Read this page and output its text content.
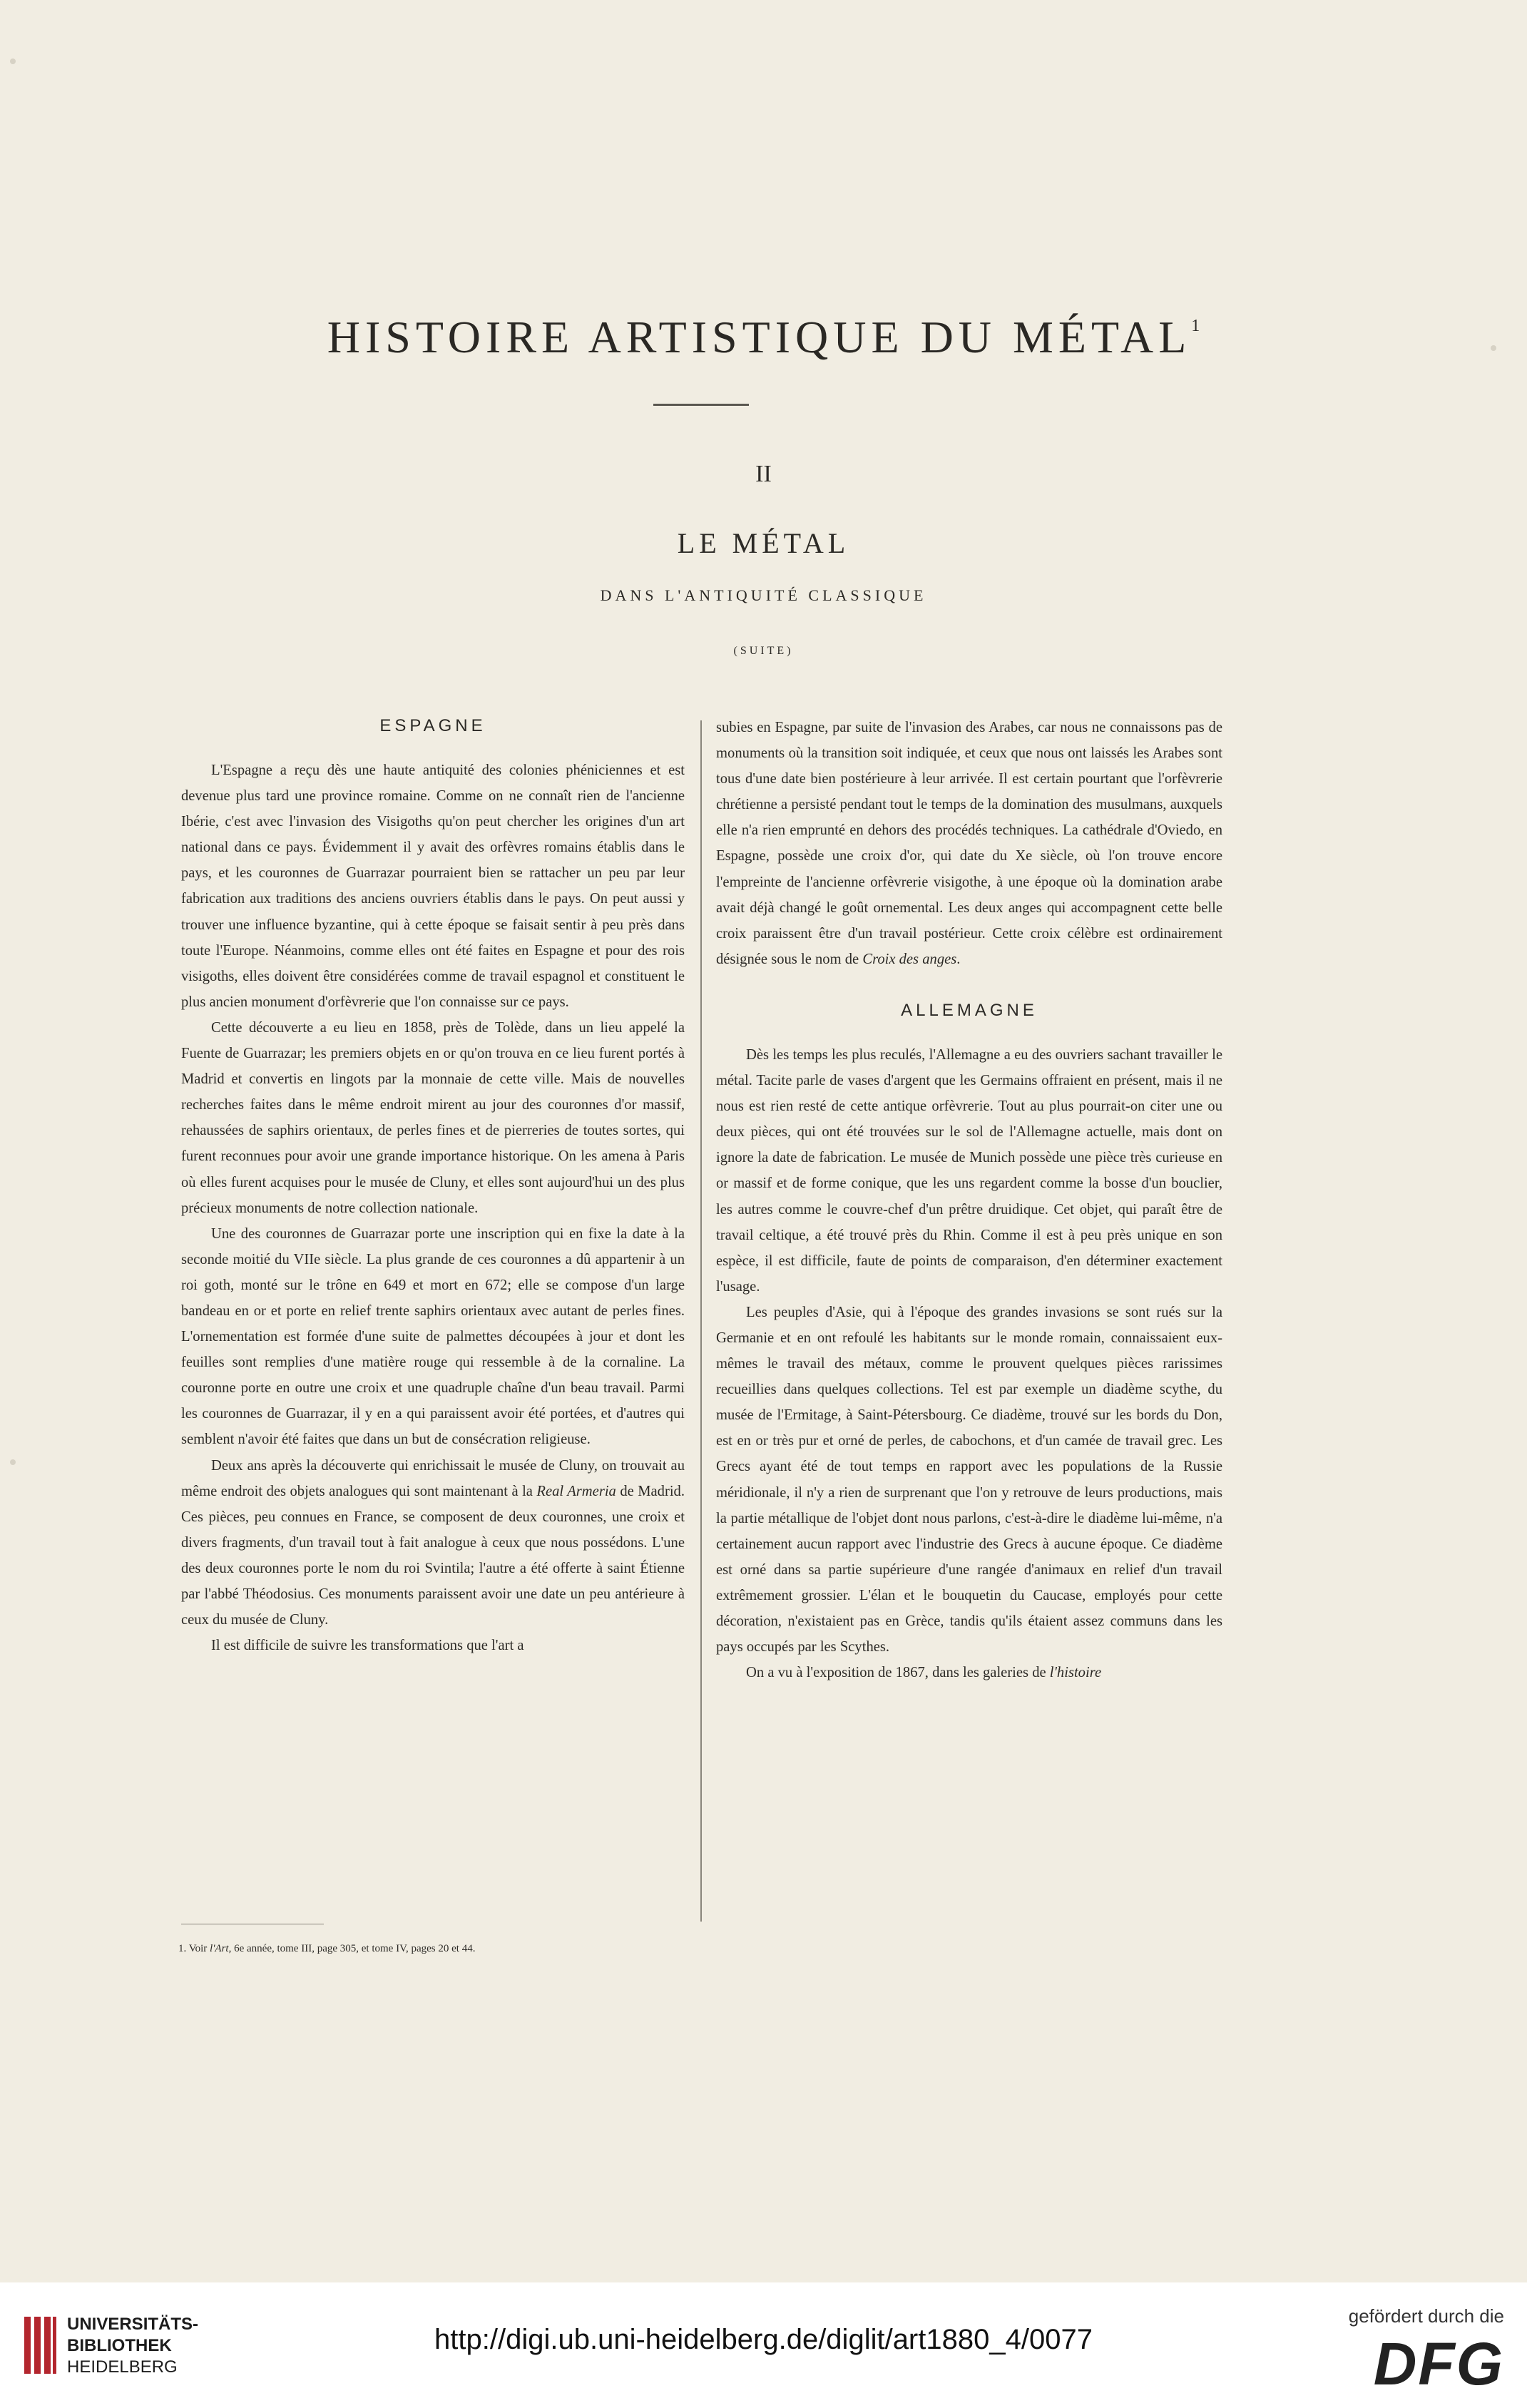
HISTOIRE ARTISTIQUE DU MÉTAL$^1$
II
LE MÉTAL
DANS L'ANTIQUITÉ CLASSIQUE
(SUITE)
ESPAGNE

L'Espagne a reçu dès une haute antiquité des colonies phéniciennes et est devenue plus tard une province romaine. Comme on ne connaît rien de l'ancienne Ibérie, c'est avec l'invasion des Visigoths qu'on peut chercher les origines d'un art national dans ce pays. Évidemment il y avait des orfèvres romains établis dans le pays, et les couronnes de Guarrazar pourraient bien se rattacher un peu par leur fabrication aux traditions des anciens ouvriers établis dans le pays. On peut aussi y trouver une influence byzantine, qui à cette époque se faisait sentir à peu près dans toute l'Europe. Néanmoins, comme elles ont été faites en Espagne et pour des rois visigoths, elles doivent être considérées comme de travail espagnol et constituent le plus ancien monument d'orfèvrerie que l'on connaisse sur ce pays.

Cette découverte a eu lieu en 1858, près de Tolède, dans un lieu appelé la Fuente de Guarrazar; les premiers objets en or qu'on trouva en ce lieu furent portés à Madrid et convertis en lingots par la monnaie de cette ville. Mais de nouvelles recherches faites dans le même endroit mirent au jour des couronnes d'or massif, rehaussées de saphirs orientaux, de perles fines et de pierreries de toutes sortes, qui furent reconnues pour avoir une grande importance historique. On les amena à Paris où elles furent acquises pour le musée de Cluny, et elles sont aujourd'hui un des plus précieux monuments de notre collection nationale.

Une des couronnes de Guarrazar porte une inscription qui en fixe la date à la seconde moitié du VIIe siècle. La plus grande de ces couronnes a dû appartenir à un roi goth, monté sur le trône en 649 et mort en 672; elle se compose d'un large bandeau en or et porte en relief trente saphirs orientaux avec autant de perles fines. L'ornementation est formée d'une suite de palmettes découpées à jour et dont les feuilles sont remplies d'une matière rouge qui ressemble à de la cornaline. La couronne porte en outre une croix et une quadruple chaîne d'un beau travail. Parmi les couronnes de Guarrazar, il y en a qui paraissent avoir été portées, et d'autres qui semblent n'avoir été faites que dans un but de consécration religieuse.

Deux ans après la découverte qui enrichissait le musée de Cluny, on trouvait au même endroit des objets analogues qui sont maintenant à la Real Armeria de Madrid. Ces pièces, peu connues en France, se composent de deux couronnes, une croix et divers fragments, d'un travail tout à fait analogue à ceux que nous possédons. L'une des deux couronnes porte le nom du roi Svintila; l'autre a été offerte à saint Étienne par l'abbé Théodosius. Ces monuments paraissent avoir une date un peu antérieure à ceux du musée de Cluny.

Il est difficile de suivre les transformations que l'art a

subies en Espagne, par suite de l'invasion des Arabes, car nous ne connaissons pas de monuments où la transition soit indiquée, et ceux que nous ont laissés les Arabes sont tous d'une date bien postérieure à leur arrivée. Il est certain pourtant que l'orfèvrerie chrétienne a persisté pendant tout le temps de la domination des musulmans, auxquels elle n'a rien emprunté en dehors des procédés techniques. La cathédrale d'Oviedo, en Espagne, possède une croix d'or, qui date du Xe siècle, où l'on trouve encore l'empreinte de l'ancienne orfèvrerie visigothe, à une époque où la domination arabe avait déjà changé le goût ornemental. Les deux anges qui accompagnent cette belle croix paraissent être d'un travail postérieur. Cette croix célèbre est ordinairement désignée sous le nom de Croix des anges.

ALLEMAGNE

Dès les temps les plus reculés, l'Allemagne a eu des ouvriers sachant travailler le métal. Tacite parle de vases d'argent que les Germains offraient en présent, mais il ne nous est rien resté de cette antique orfèvrerie. Tout au plus pourrait-on citer une ou deux pièces, qui ont été trouvées sur le sol de l'Allemagne actuelle, mais dont on ignore la date de fabrication. Le musée de Munich possède une pièce très curieuse en or massif et de forme conique, que les uns regardent comme la bosse d'un bouclier, les autres comme le couvre-chef d'un prêtre druidique. Cet objet, qui paraît être de travail celtique, a été trouvé près du Rhin. Comme il est à peu près unique en son espèce, il est difficile, faute de points de comparaison, d'en déterminer exactement l'usage.

Les peuples d'Asie, qui à l'époque des grandes invasions se sont rués sur la Germanie et en ont refoulé les habitants sur le monde romain, connaissaient eux-mêmes le travail des métaux, comme le prouvent quelques pièces rarissimes recueillies dans quelques collections. Tel est par exemple un diadème scythe, du musée de l'Ermitage, à Saint-Pétersbourg. Ce diadème, trouvé sur les bords du Don, est en or très pur et orné de perles, de cabochons, et d'un camée de travail grec. Les Grecs ayant été de tout temps en rapport avec les populations de la Russie méridionale, il n'y a rien de surprenant que l'on y retrouve de leurs productions, mais la partie métallique de l'objet dont nous parlons, c'est-à-dire le diadème lui-même, n'a certainement aucun rapport avec l'industrie des Grecs à aucune époque. Ce diadème est orné dans sa partie supérieure d'une rangée d'animaux en relief d'un travail extrêmement grossier. L'élan et le bouquetin du Caucase, employés pour cette décoration, n'existaient pas en Grèce, tandis qu'ils étaient assez communs dans les pays occupés par les Scythes.

On a vu à l'exposition de 1867, dans les galeries de l'histoire

1. Voir l'Art, 6e année, tome III, page 305, et tome IV, pages 20 et 44.
UNIVERSITÄTS-
BIBLIOTHEK
HEIDELBERG
http://digi.ub.uni-heidelberg.de/diglit/art1880_4/0077
gefördert durch die
DFG
